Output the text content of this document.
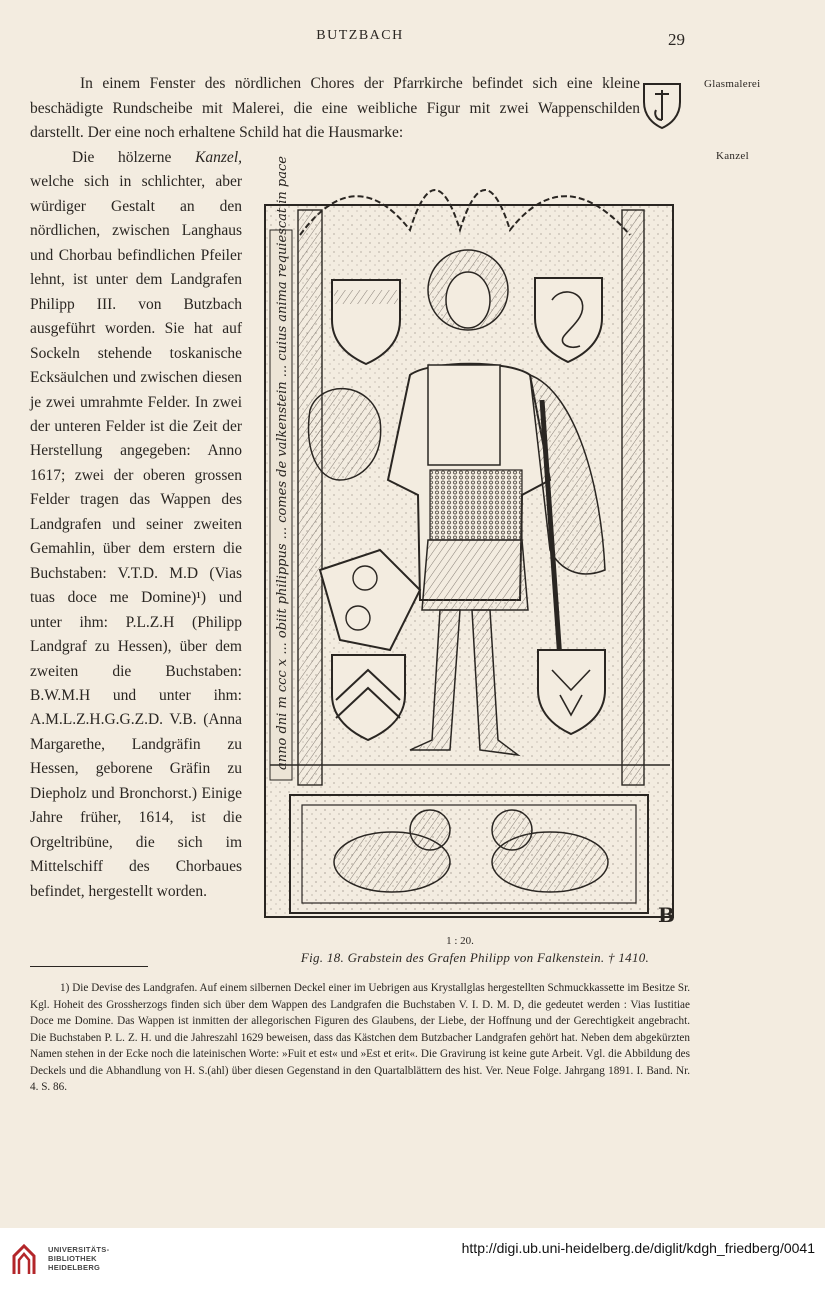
BUTZBACH	29
Glasmalerei
Kanzel

In einem Fenster des nördlichen Chores der Pfarrkirche befindet sich eine kleine beschädigte Rundscheibe mit Malerei, die eine weibliche Figur mit zwei Wappenschilden darstellt. Der eine noch erhaltene Schild hat die Hausmarke:

Die hölzerne Kanzel, welche sich in schlichter, aber würdiger Gestalt an den nördlichen, zwischen Langhaus und Chorbau befindlichen Pfeiler lehnt, ist unter dem Landgrafen Philipp III. von Butzbach ausgeführt worden. Sie hat auf Sockeln stehende toskanische Ecksäulchen und zwischen diesen je zwei umrahmte Felder. In zwei der unteren Felder ist die Zeit der Herstellung angegeben: Anno 1617; zwei der oberen grossen Felder tragen das Wappen des Landgrafen und seiner zweiten Gemahlin, über dem erstern die Buchstaben: V.T.D. M.D (Vias tuas doce me Domine)¹) und unter ihm: P.L.Z.H (Philipp Landgraf zu Hessen), über dem zweiten die Buchstaben: B.W.M.H und unter ihm: A.M.L.Z.H.G.G.Z.D. V.B. (Anna Margarethe, Landgräfin zu Hessen, geborene Gräfin zu Diepholz und Bronchorst.) Einige Jahre früher, 1614, ist die Orgeltribüne, die sich im Mittelschiff des Chorbaues befindet, hergestellt worden.

anno dni m ccc x ... obiit philippus ... comes de valkenstein ... cuius anima requiescat in pace
B
1 : 20.
Fig. 18. Grabstein des Grafen Philipp von Falkenstein. † 1410.

1) Die Devise des Landgrafen. Auf einem silbernen Deckel einer im Uebrigen aus Krystallglas hergestellten Schmuckkassette im Besitze Sr. Kgl. Hoheit des Grossherzogs finden sich über dem Wappen des Landgrafen die Buchstaben V. I. D. M. D, die gedeutet werden : Vias Iustitiae Doce me Domine. Das Wappen ist inmitten der allegorischen Figuren des Glaubens, der Liebe, der Hoffnung und der Gerechtigkeit angebracht. Die Buchstaben P. L. Z. H. und die Jahreszahl 1629 beweisen, dass das Kästchen dem Butzbacher Landgrafen gehört hat. Neben dem abgekürzten Namen stehen in der Ecke noch die lateinischen Worte: »Fuit et est« und »Est et erit«. Die Gravirung ist keine gute Arbeit. Vgl. die Abbildung des Deckels und die Abhandlung von H. S.(ahl) über diesen Gegenstand in den Quartalblättern des hist. Ver. Neue Folge. Jahrgang 1891. I. Band. Nr. 4. S. 86.

UNIVERSITÄTS-
BIBLIOTHEK
HEIDELBERG
http://digi.ub.uni-heidelberg.de/diglit/kdgh_friedberg/0041
